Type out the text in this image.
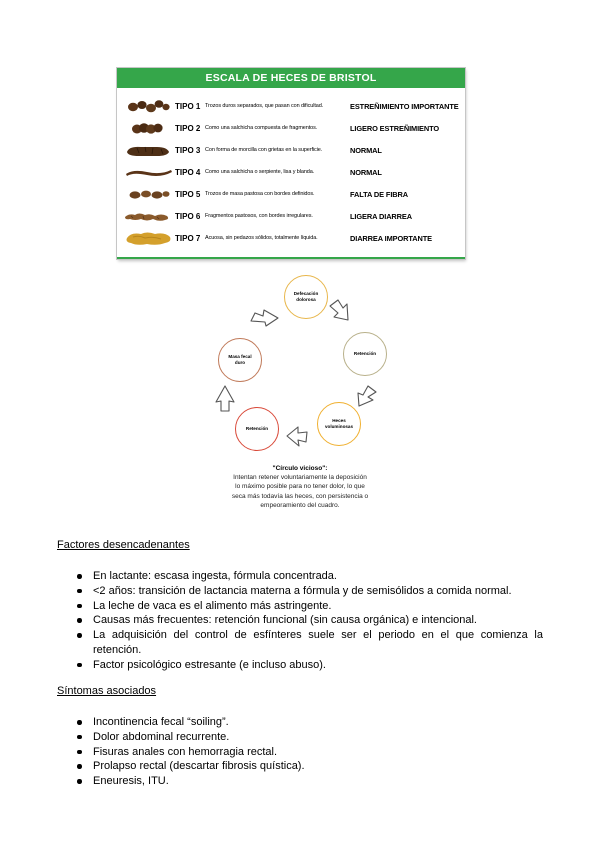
ESCALA DE HECES DE BRISTOL
TIPO 1 Trozos duros separados, que pasan con dificultad.	ESTREÑIMIENTO IMPORTANTE
TIPO 2 Como una salchicha compuesta de fragmentos.	LIGERO ESTREÑIMIENTO
TIPO 3 Con forma de morcilla con grietas en la superficie.	NORMAL
TIPO 4 Como una salchicha o serpiente, lisa y blanda.	NORMAL
TIPO 5 Trozos de masa pastosa con bordes definidos.	FALTA DE FIBRA
TIPO 6 Fragmentos pastosos, con bordes irregulares.	LIGERA DIARREA
TIPO 7 Acuosa, sin pedazos sólidos, totalmente líquida.	DIARREA IMPORTANTE
Defecación
dolorosa
Retención
Heces
voluminosas
Retención
Masa fecal
duro
"Círculo vicioso":
Intentan retener voluntariamente la deposición
lo máximo posible para no tener dolor, lo que
seca más todavía las heces, con persistencia o
empeoramiento del cuadro.
Factores desencadenantes
En lactante: escasa ingesta, fórmula concentrada.
<2 años: transición de lactancia materna a fórmula y de semisólidos a comida normal.
La leche de vaca es el alimento más astringente.
Causas más frecuentes: retención funcional (sin causa orgánica) e intencional.
La adquisición del control de esfínteres suele ser el periodo en el que comienza la retención.
Factor psicológico estresante (e incluso abuso).
Síntomas asociados
Incontinencia fecal “soiling”.
Dolor abdominal recurrente.
Fisuras anales con hemorragia rectal.
Prolapso rectal (descartar fibrosis quística).
Eneuresis, ITU.
